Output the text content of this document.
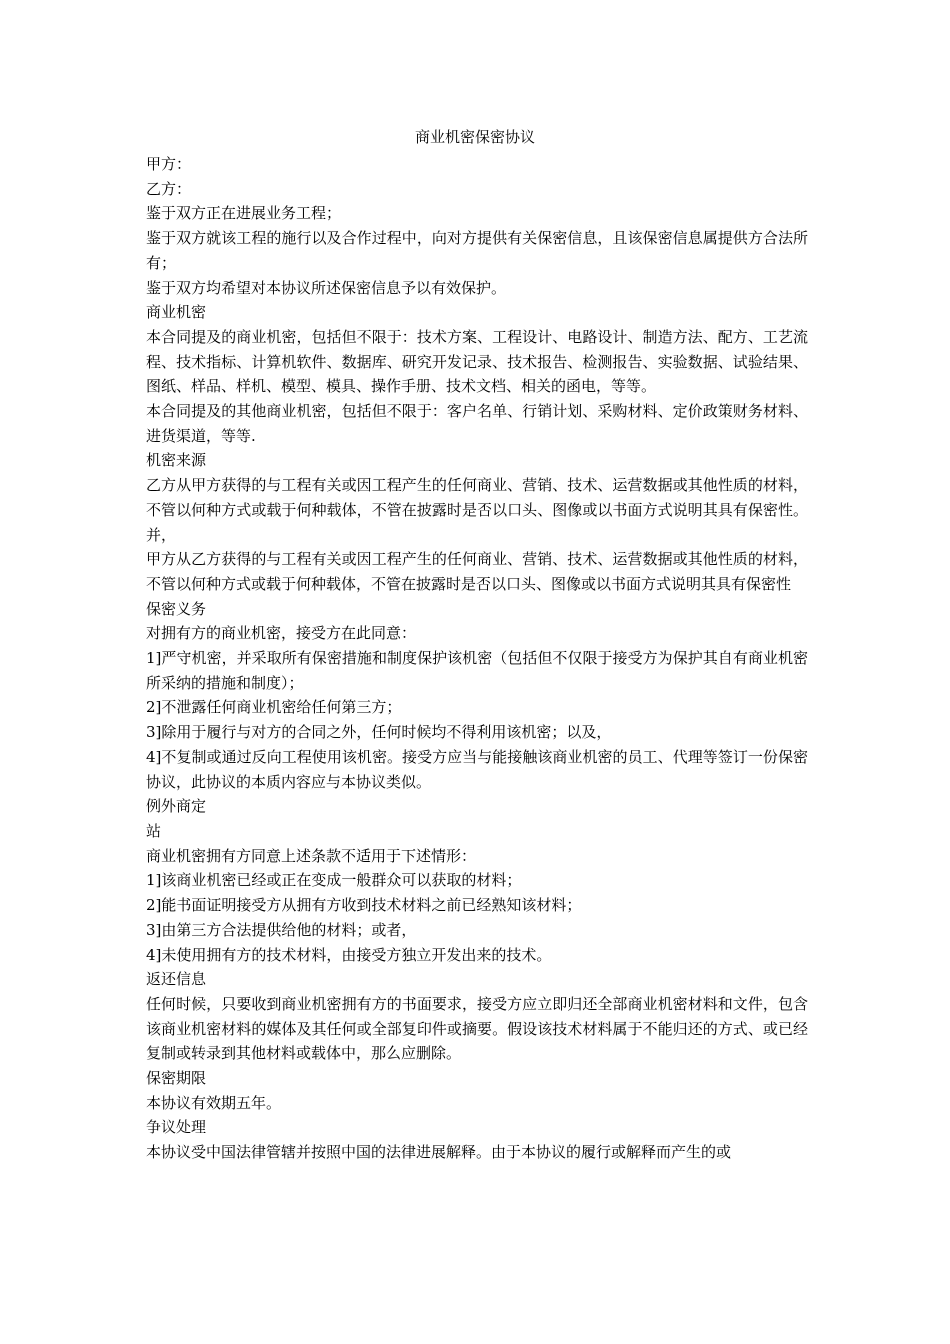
商业机密保密协议

甲方：

乙方：

鉴于双方正在进展业务工程；

鉴于双方就该工程的施行以及合作过程中，向对方提供有关保密信息，且该保密信息属提供方合法所有；

鉴于双方均希望对本协议所述保密信息予以有效保护。

商业机密

本合同提及的商业机密，包括但不限于：技术方案、工程设计、电路设计、制造方法、配方、工艺流程、技术指标、计算机软件、数据库、研究开发记录、技术报告、检测报告、实验数据、试验结果、图纸、样品、样机、模型、模具、操作手册、技术文档、相关的函电，等等。

本合同提及的其他商业机密，包括但不限于：客户名单、行销计划、采购材料、定价政策财务材料、进货渠道，等等.

机密来源

乙方从甲方获得的与工程有关或因工程产生的任何商业、营销、技术、运营数据或其他性质的材料，不管以何种方式或载于何种载体，不管在披露时是否以口头、图像或以书面方式说明其具有保密性。并，

甲方从乙方获得的与工程有关或因工程产生的任何商业、营销、技术、运营数据或其他性质的材料，不管以何种方式或载于何种载体，不管在披露时是否以口头、图像或以书面方式说明其具有保密性

保密义务

对拥有方的商业机密，接受方在此同意：

1]严守机密，并采取所有保密措施和制度保护该机密（包括但不仅限于接受方为保护其自有商业机密所采纳的措施和制度）；

2]不泄露任何商业机密给任何第三方；

3]除用于履行与对方的合同之外，任何时候均不得利用该机密；以及，

4]不复制或通过反向工程使用该机密。接受方应当与能接触该商业机密的员工、代理等签订一份保密协议，此协议的本质内容应与本协议类似。

例外商定

站

商业机密拥有方同意上述条款不适用于下述情形：

1]该商业机密已经或正在变成一般群众可以获取的材料；

2]能书面证明接受方从拥有方收到技术材料之前已经熟知该材料；

3]由第三方合法提供给他的材料；或者，

4]未使用拥有方的技术材料，由接受方独立开发出来的技术。

返还信息

任何时候，只要收到商业机密拥有方的书面要求，接受方应立即归还全部商业机密材料和文件，包含该商业机密材料的媒体及其任何或全部复印件或摘要。假设该技术材料属于不能归还的方式、或已经复制或转录到其他材料或载体中，那么应删除。

保密期限

本协议有效期五年。

争议处理

本协议受中国法律管辖并按照中国的法律进展解释。由于本协议的履行或解释而产生的或
